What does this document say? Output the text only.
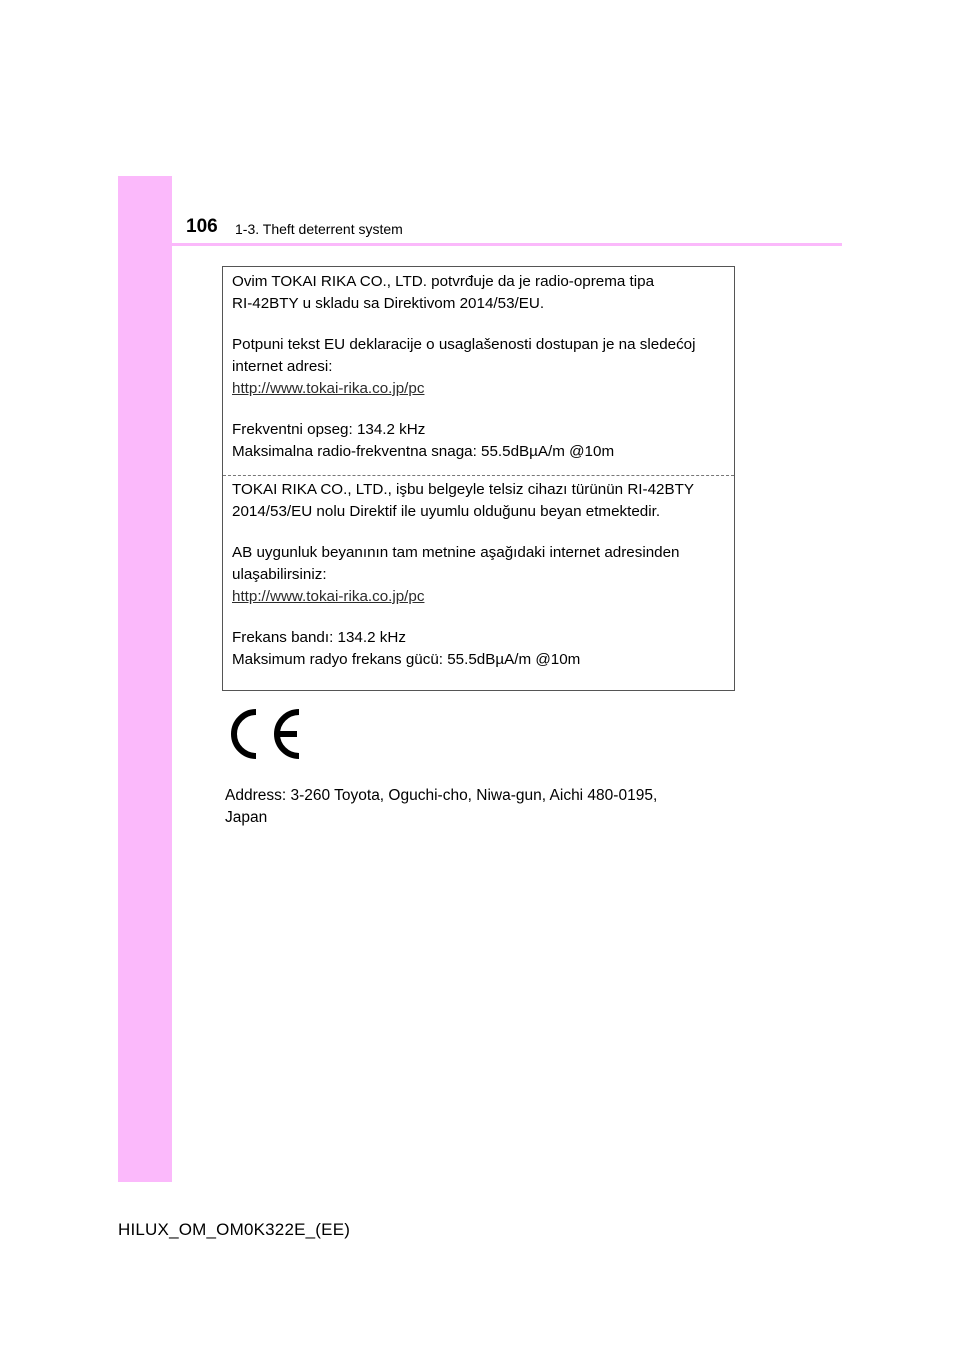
106 1-3. Theft deterrent system

Ovim TOKAI RIKA CO., LTD. potvrđuje da je radio-oprema tipa
RI-42BTY u skladu sa Direktivom 2014/53/EU.

Potpuni tekst EU deklaracije o usaglašenosti dostupan je na sledećoj
internet adresi:
http://www.tokai-rika.co.jp/pc

Frekventni opseg: 134.2 kHz
Maksimalna radio-frekventna snaga: 55.5dBµA/m @10m

TOKAI RIKA CO., LTD., işbu belgeyle telsiz cihazı türünün RI-42BTY
2014/53/EU nolu Direktif ile uyumlu olduğunu beyan etmektedir.

AB uygunluk beyanının tam metnine aşağıdaki internet adresinden
ulaşabilirsiniz:
http://www.tokai-rika.co.jp/pc

Frekans bandı: 134.2 kHz
Maksimum radyo frekans gücü: 55.5dBµA/m @10m

Address: 3-260 Toyota, Oguchi-cho, Niwa-gun, Aichi 480-0195,
Japan
HILUX_OM_OM0K322E_(EE)
